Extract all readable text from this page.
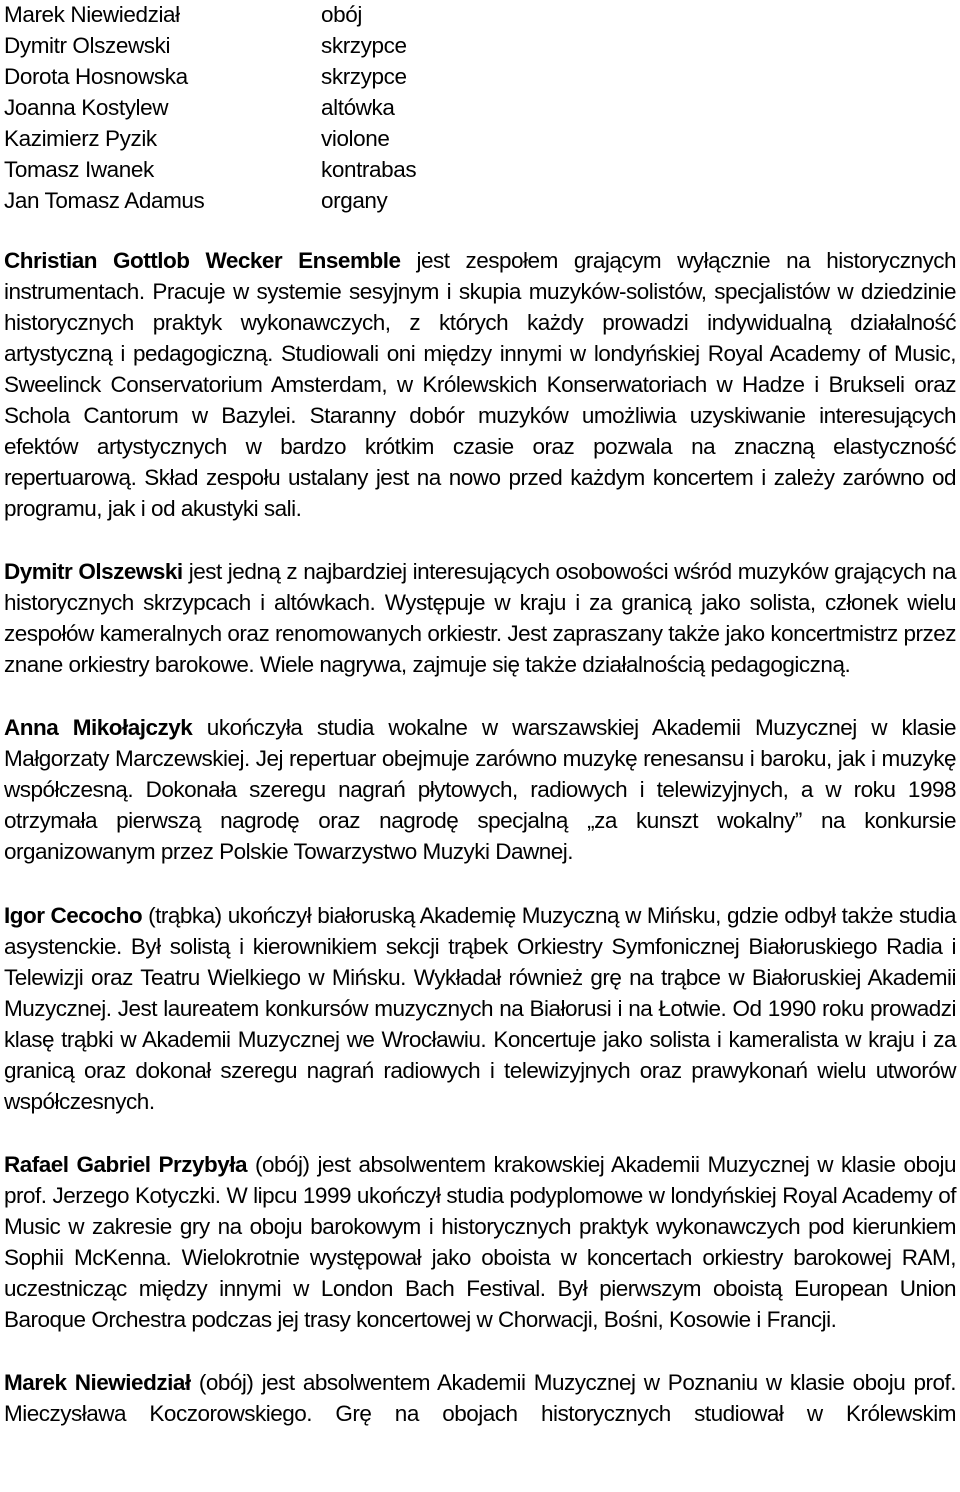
Marek Niewiedział	obój
Dymitr Olszewski	skrzypce
Dorota Hosnowska	skrzypce
Joanna Kostylew	altówka
Kazimierz Pyzik	violone
Tomasz Iwanek	kontrabas
Jan Tomasz Adamus	organy

Christian Gottlob Wecker Ensemble jest zespołem grającym wyłącznie na historycznych instrumentach. Pracuje w systemie sesyjnym i skupia muzyków-solistów, specjalistów w dziedzinie historycznych praktyk wykonawczych, z których każdy prowadzi indywidualną działalność artystyczną i pedagogiczną. Studiowali oni między innymi w londyńskiej Royal Academy of Music, Sweelinck Conservatorium Amsterdam, w Królewskich Konserwatoriach w Hadze i Brukseli oraz Schola Cantorum w Bazylei. Staranny dobór muzyków umożliwia uzyskiwanie interesujących efektów artystycznych w bardzo krótkim czasie oraz pozwala na znaczną elastyczność repertuarową. Skład zespołu ustalany jest na nowo przed każdym koncertem i zależy zarówno od programu, jak i od akustyki sali.

Dymitr Olszewski jest jedną z najbardziej interesujących osobowości wśród muzyków grających na historycznych skrzypcach i altówkach. Występuje w kraju i za granicą jako solista, członek wielu zespołów kameralnych oraz renomowanych orkiestr. Jest zapraszany także jako koncertmistrz przez znane orkiestry barokowe. Wiele nagrywa, zajmuje się także działalnością pedagogiczną.

Anna Mikołajczyk ukończyła studia wokalne w warszawskiej Akademii Muzycznej w klasie Małgorzaty Marczewskiej. Jej repertuar obejmuje zarówno muzykę renesansu i baroku, jak i muzykę współczesną. Dokonała szeregu nagrań płytowych, radiowych i telewizyjnych, a w roku 1998 otrzymała pierwszą nagrodę oraz nagrodę specjalną „za kunszt wokalny” na konkursie organizowanym przez Polskie Towarzystwo Muzyki Dawnej.

Igor Cecocho (trąbka) ukończył białoruską Akademię Muzyczną w Mińsku, gdzie odbył także studia asystenckie. Był solistą i kierownikiem sekcji trąbek Orkiestry Symfonicznej Białoruskiego Radia i Telewizji oraz Teatru Wielkiego w Mińsku. Wykładał również grę na trąbce w Białoruskiej Akademii Muzycznej. Jest laureatem konkursów muzycznych na Białorusi i na Łotwie. Od 1990 roku prowadzi klasę trąbki w Akademii Muzycznej we Wrocławiu. Koncertuje jako solista i kameralista w kraju i za granicą oraz dokonał szeregu nagrań radiowych i telewizyjnych oraz prawykonań wielu utworów współczesnych.

Rafael Gabriel Przybyła (obój) jest absolwentem krakowskiej Akademii Muzycznej w klasie oboju prof. Jerzego Kotyczki. W lipcu 1999 ukończył studia podyplomowe w londyńskiej Royal Academy of Music w zakresie gry na oboju barokowym i historycznych praktyk wykonawczych pod kierunkiem Sophii McKenna. Wielokrotnie występował jako oboista w koncertach orkiestry barokowej RAM, uczestnicząc między innymi w London Bach Festival. Był pierwszym oboistą European Union Baroque Orchestra podczas jej trasy koncertowej w Chorwacji, Bośni, Kosowie i Francji.

Marek Niewiedział (obój) jest absolwentem Akademii Muzycznej w Poznaniu w klasie oboju prof. Mieczysława Koczorowskiego. Grę na obojach historycznych studiował w Królewskim
